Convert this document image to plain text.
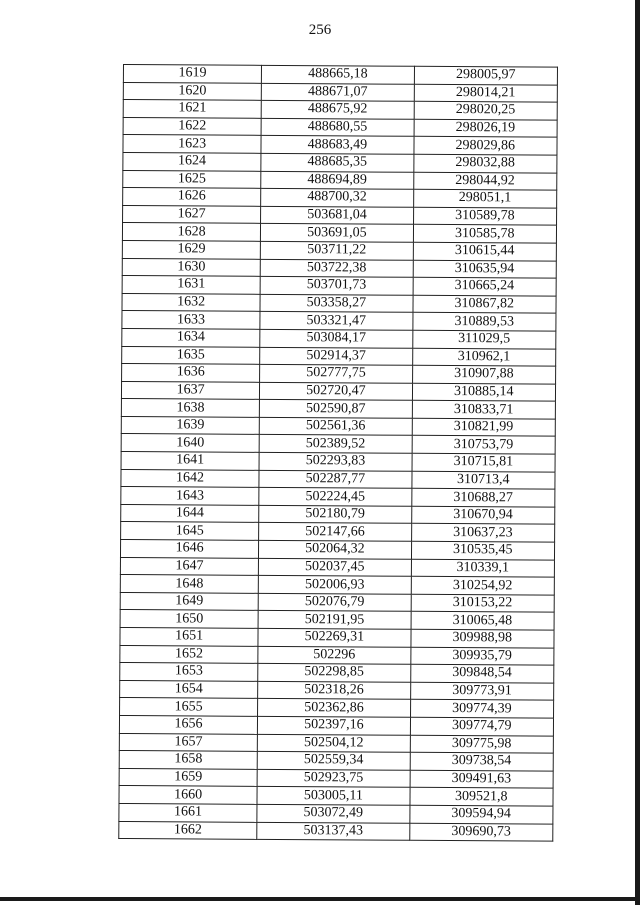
256
1619	488665,18	298005,97
1620	488671,07	298014,21
1621	488675,92	298020,25
1622	488680,55	298026,19
1623	488683,49	298029,86
1624	488685,35	298032,88
1625	488694,89	298044,92
1626	488700,32	298051,1
1627	503681,04	310589,78
1628	503691,05	310585,78
1629	503711,22	310615,44
1630	503722,38	310635,94
1631	503701,73	310665,24
1632	503358,27	310867,82
1633	503321,47	310889,53
1634	503084,17	311029,5
1635	502914,37	310962,1
1636	502777,75	310907,88
1637	502720,47	310885,14
1638	502590,87	310833,71
1639	502561,36	310821,99
1640	502389,52	310753,79
1641	502293,83	310715,81
1642	502287,77	310713,4
1643	502224,45	310688,27
1644	502180,79	310670,94
1645	502147,66	310637,23
1646	502064,32	310535,45
1647	502037,45	310339,1
1648	502006,93	310254,92
1649	502076,79	310153,22
1650	502191,95	310065,48
1651	502269,31	309988,98
1652	502296	309935,79
1653	502298,85	309848,54
1654	502318,26	309773,91
1655	502362,86	309774,39
1656	502397,16	309774,79
1657	502504,12	309775,98
1658	502559,34	309738,54
1659	502923,75	309491,63
1660	503005,11	309521,8
1661	503072,49	309594,94
1662	503137,43	309690,73
